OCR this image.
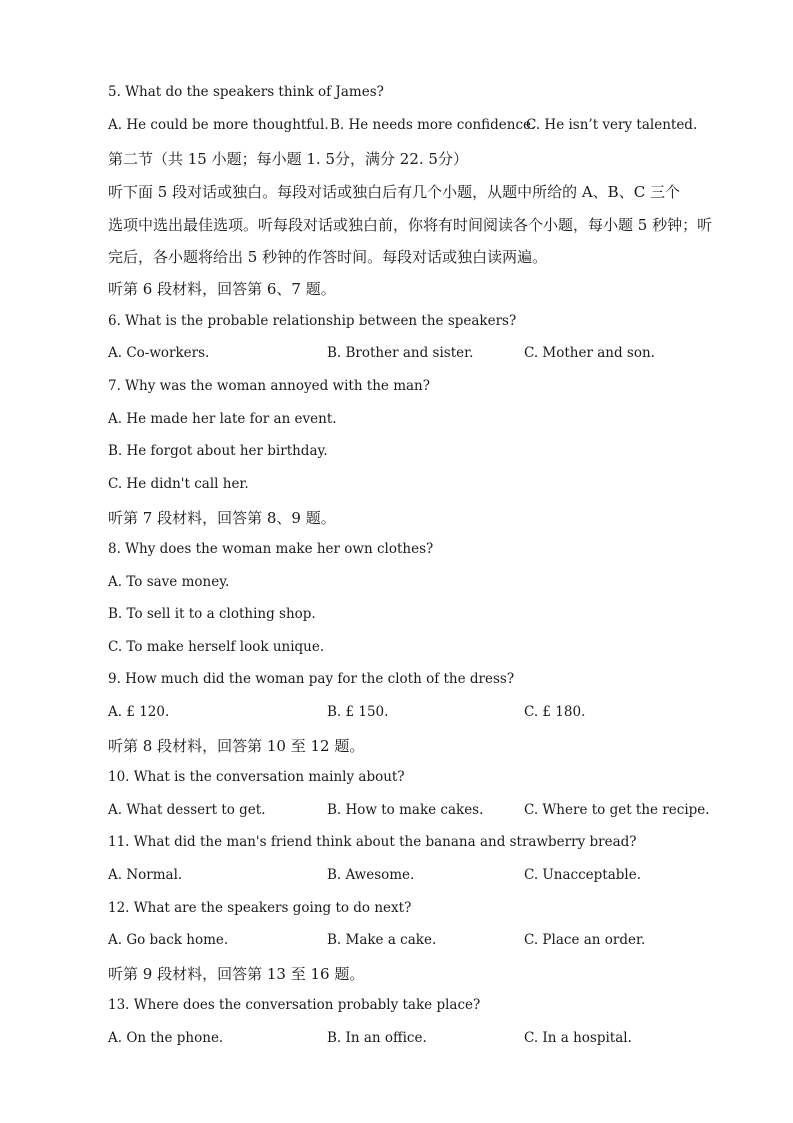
5. What do the speakers think of James?
A. He could be more thoughtful. B. He needs more confidence.
C. He isn’t very talented.
第二节（共 15 小题；每小题 1. 5分，满分 22. 5分）
听下面 5 段对话或独白。每段对话或独白后有几个小题，从题中所给的 A、B、C 三个
选项中选出最佳选项。听每段对话或独白前，你将有时间阅读各个小题，每小题 5 秒钟；听
完后，各小题将给出 5 秒钟的作答时间。每段对话或独白读两遍。
听第 6 段材料，回答第 6、7 题。
6. What is the probable relationship between the speakers?
A. Co-workers.	B. Brother and sister.	C. Mother and son.
7. Why was the woman annoyed with the man?
A. He made her late for an event.
B. He forgot about her birthday.
C. He didn't call her.
听第 7 段材料，回答第 8、9 题。
8. Why does the woman make her own clothes?
A. To save money.
B. To sell it to a clothing shop.
C. To make herself look unique.
9. How much did the woman pay for the cloth of the dress?
A. £ 120.	B. £ 150.	C. £ 180.
听第 8 段材料，回答第 10 至 12 题。
10. What is the conversation mainly about?
A. What dessert to get.	B. How to make cakes.	C. Where to get the recipe.
11. What did the man's friend think about the banana and strawberry bread?
A. Normal.	B. Awesome.	C. Unacceptable.
12. What are the speakers going to do next?
A. Go back home.	B. Make a cake.	C. Place an order.
听第 9 段材料，回答第 13 至 16 题。
13. Where does the conversation probably take place?
A. On the phone.	B. In an office.	C. In a hospital.
